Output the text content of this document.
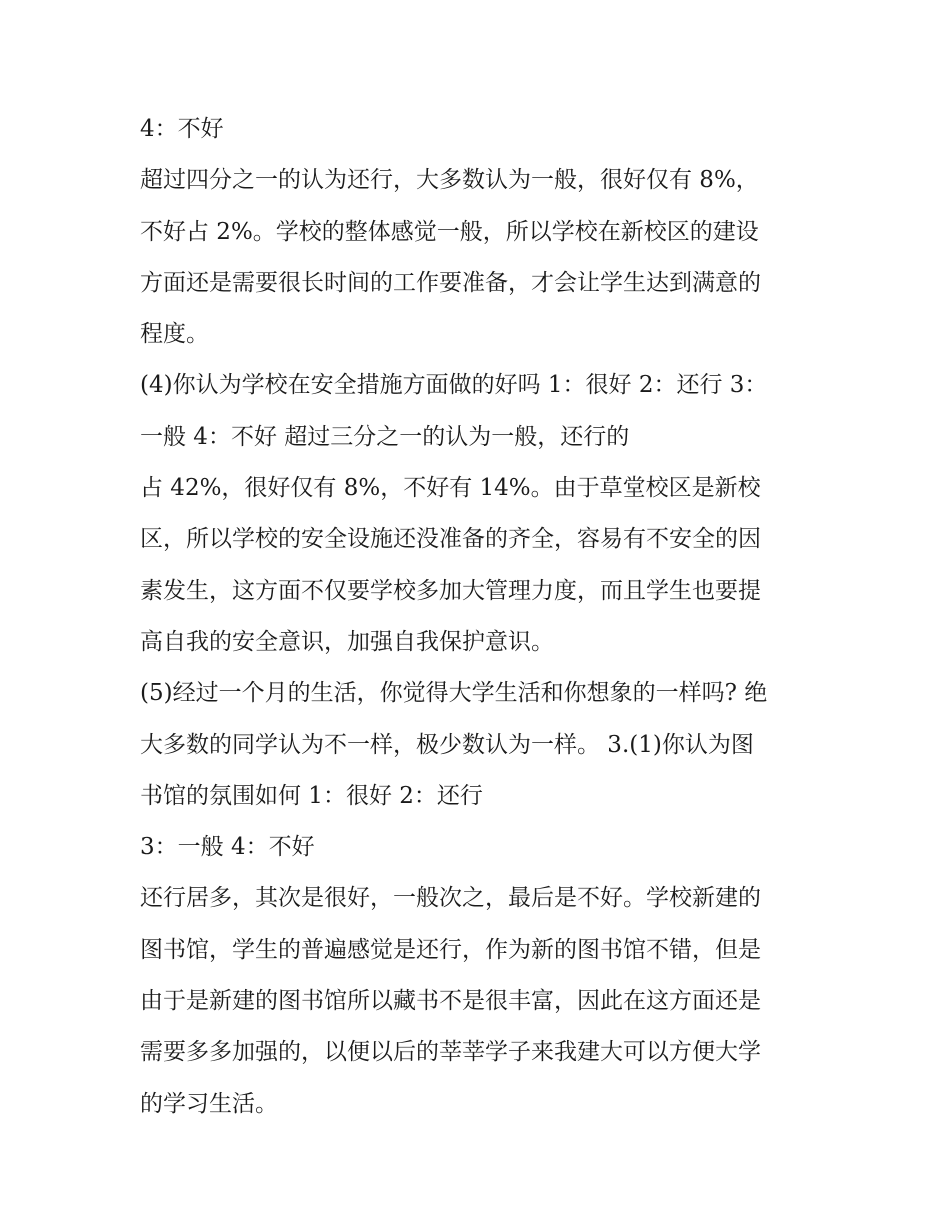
4：不好
超过四分之一的认为还行，大多数认为一般，很好仅有 8%，
不好占 2%。学校的整体感觉一般，所以学校在新校区的建设
方面还是需要很长时间的工作要准备，才会让学生达到满意的
程度。
(4)你认为学校在安全措施方面做的好吗 1：很好 2：还行 3：
一般 4：不好 超过三分之一的认为一般，还行的
占 42%，很好仅有 8%，不好有 14%。由于草堂校区是新校
区，所以学校的安全设施还没准备的齐全，容易有不安全的因
素发生，这方面不仅要学校多加大管理力度，而且学生也要提
高自我的安全意识，加强自我保护意识。
(5)经过一个月的生活，你觉得大学生活和你想象的一样吗? 绝
大多数的同学认为不一样，极少数认为一样。 3.(1)你认为图
书馆的氛围如何 1：很好 2：还行
3：一般 4：不好
还行居多，其次是很好，一般次之，最后是不好。学校新建的
图书馆，学生的普遍感觉是还行，作为新的图书馆不错，但是
由于是新建的图书馆所以藏书不是很丰富，因此在这方面还是
需要多多加强的，以便以后的莘莘学子来我建大可以方便大学
的学习生活。
